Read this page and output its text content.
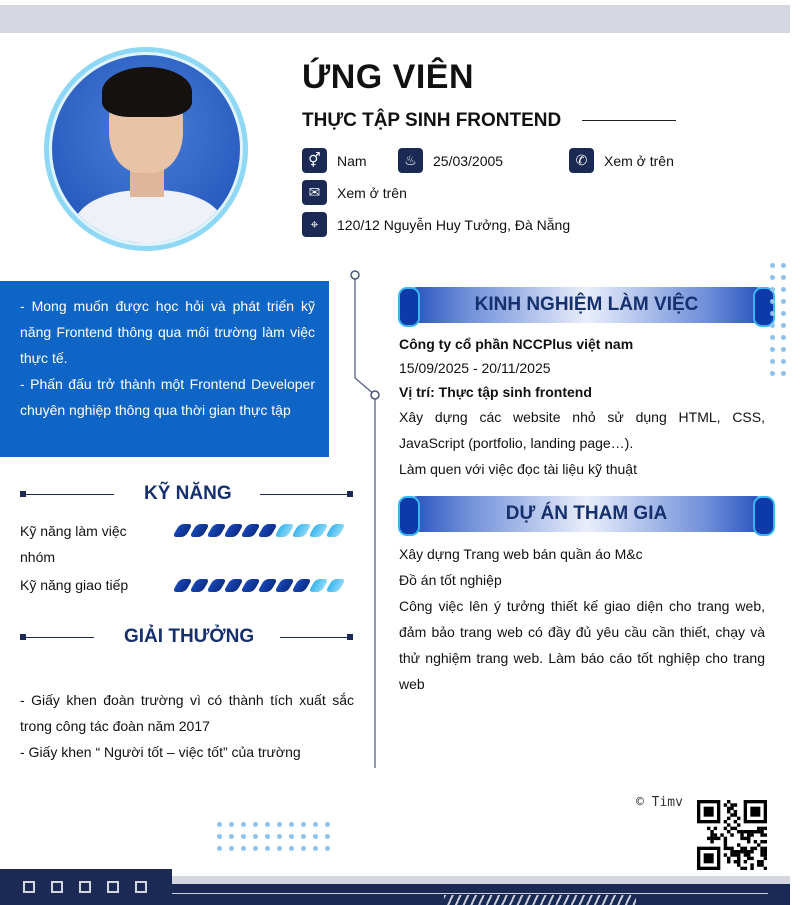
ỨNG VIÊN
THỰC TẬP SINH FRONTEND
⚥	Nam	♨	25/03/2005	✆	Xem ở trên
✉	Xem ở trên
⌖	120/12 Nguyễn Huy Tưởng, Đà Nẵng
- Mong muốn được học hỏi và phát triển kỹ năng Frontend thông qua môi trường làm việc thực tế.
- Phấn đấu trở thành một Frontend Developer chuyên nghiệp thông qua thời gian thực tập
KỸ NĂNG
Kỹ năng làm việc nhóm
Kỹ năng giao tiếp
GIẢI THƯỞNG
- Giấy khen đoàn trường vì có thành tích xuất sắc trong công tác đoàn năm 2017
- Giấy khen “ Người tốt – việc tốt” của trường
KINH NGHIỆM LÀM VIỆC
Công ty cổ phần NCCPlus việt nam
15/09/2025 - 20/11/2025
Vị trí: Thực tập sinh frontend
Xây dựng các website nhỏ sử dụng HTML, CSS, JavaScript (portfolio, landing page…).
Làm quen với việc đọc tài liệu kỹ thuật
DỰ ÁN THAM GIA
Xây dựng Trang web bán quần áo M&c
Đồ án tốt nghiệp
Công việc lên ý tưởng thiết kế giao diện cho trang web, đảm bảo trang web có đầy đủ yêu cầu cần thiết, chạy và thử nghiệm trang web. Làm báo cáo tốt nghiệp cho trang web
© Timv
